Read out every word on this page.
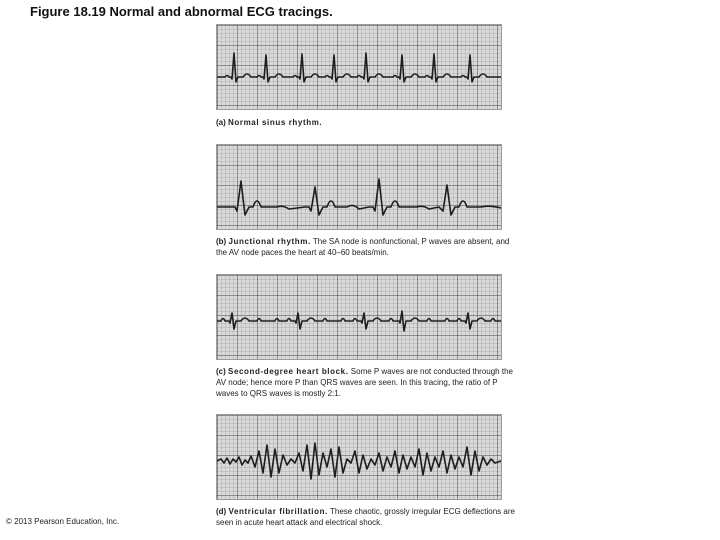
Figure 18.19 Normal and abnormal ECG tracings.
(a) Normal sinus rhythm.
(b) Junctional rhythm. The SA node is nonfunctional, P waves are absent, and the AV node paces the heart at 40–60 beats/min.
(c) Second-degree heart block. Some P waves are not conducted through the AV node; hence more P than QRS waves are seen. In this tracing, the ratio of P waves to QRS waves is mostly 2:1.
(d) Ventricular fibrillation. These chaotic, grossly irregular ECG deflections are seen in acute heart attack and electrical shock.
© 2013 Pearson Education, Inc.
